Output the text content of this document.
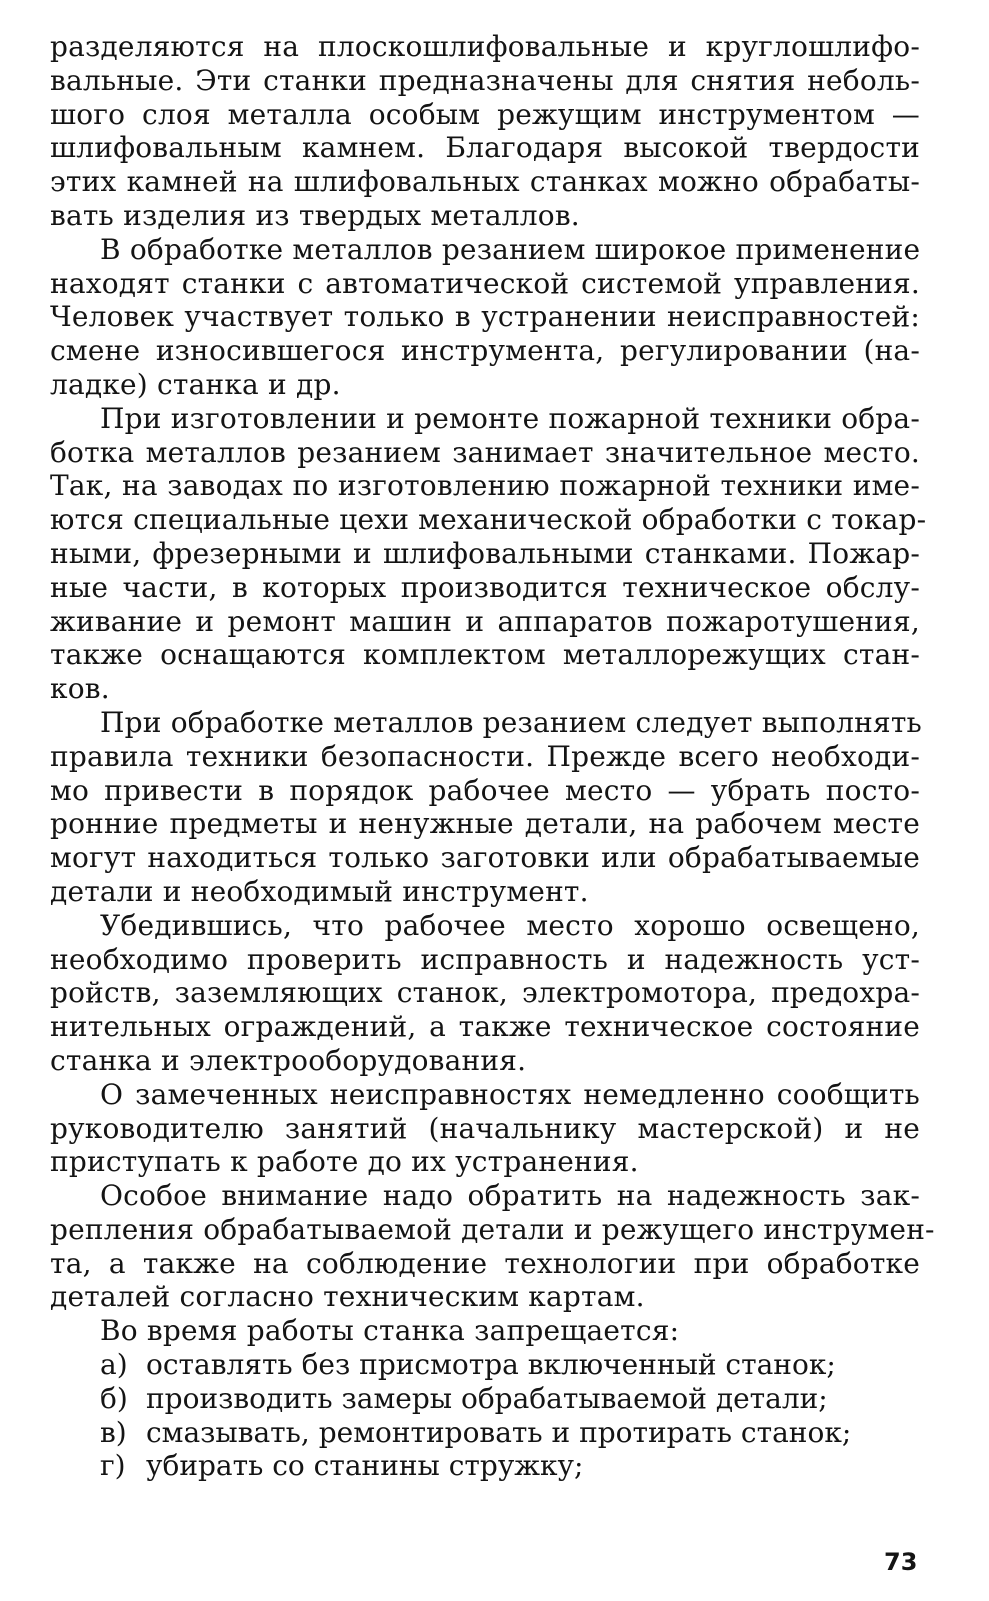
разделяются на плоскошлифовальные и круглошлифо-
вальные. Эти станки предназначены для снятия неболь-
шого слоя металла особым режущим инструментом —
шлифовальным камнем. Благодаря высокой твердости
этих камней на шлифовальных станках можно обрабаты-
вать изделия из твердых металлов.
В обработке металлов резанием широкое применение
находят станки с автоматической системой управления.
Человек участвует только в устранении неисправностей:
смене износившегося инструмента, регулировании (на-
ладке) станка и др.
При изготовлении и ремонте пожарной техники обра-
ботка металлов резанием занимает значительное место.
Так, на заводах по изготовлению пожарной техники име-
ются специальные цехи механической обработки с токар-
ными, фрезерными и шлифовальными станками. Пожар-
ные части, в которых производится техническое обслу-
живание и ремонт машин и аппаратов пожаротушения,
также оснащаются комплектом металлорежущих стан-
ков.
При обработке металлов резанием следует выполнять
правила техники безопасности. Прежде всего необходи-
мо привести в порядок рабочее место — убрать посто-
ронние предметы и ненужные детали, на рабочем месте
могут находиться только заготовки или обрабатываемые
детали и необходимый инструмент.
Убедившись, что рабочее место хорошо освещено,
необходимо проверить исправность и надежность уст-
ройств, заземляющих станок, электромотора, предохра-
нительных ограждений, а также техническое состояние
станка и электрооборудования.
О замеченных неисправностях немедленно сообщить
руководителю занятий (начальнику мастерской) и не
приступать к работе до их устранения.
Особое внимание надо обратить на надежность зак-
репления обрабатываемой детали и режущего инструмен-
та, а также на соблюдение технологии при обработке
деталей согласно техническим картам.
Во время работы станка запрещается:
а) оставлять без присмотра включенный станок;
б) производить замеры обрабатываемой детали;
в) смазывать, ремонтировать и протирать станок;
г) убирать со станины стружку;
73
